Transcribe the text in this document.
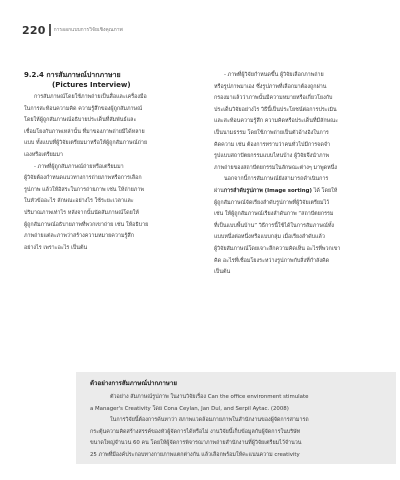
220 การออกแบบการวิจัยเชิงคุณภาพ
9.2.4 การสัมภาษณ์ปากภาษาย
(Pictures Interview)
การสัมภาษณ์โดยใช้ภาพถ่ายเป็นสื่อและเครื่องมือ
ในการสะท้อนความคิด ความรู้สึกของผู้ถูกสัมภาษณ์
โดยให้ผู้ถูกสัมภาษณ์อธิบายประเด็นที่สัมพันธ์และ
เชื่อมโยงกับภาพเหล่านั้น ที่มาของภาพถ่ายมีได้หลาย
แบบ ทั้งแบบที่ผู้วิจัยเตรียมมาหรือให้ผู้ถูกสัมภาษณ์ถ่าย
เองหรือเตรียมมา
- ภาพที่ผู้ถูกสัมภาษณ์ถ่ายหรือเตรียมมา
ผู้วิจัยต้องกำหนดแนวทางการถ่ายภาพหรือการเลือก
รูปภาพ แล้วให้อิสระในการถ่ายภาพ เช่น ให้ถ่ายภาพ
ในหัวข้ออะไร ลักษณะอย่างไร ใช้ระยะเวลาและ
ปริมาณภาพเท่าไร หลังจากนั้นนัดสัมภาษณ์โดยให้
ผู้ถูกสัมภาษณ์อธิบายภาพที่พวกเขาถ่าย เช่น ให้อธิบาย
ภาพถ่ายแต่ละภาพว่าสร้างความหมายความรู้สึก
อย่างไร เพราะอะไร เป็นต้น
- ภาพที่ผู้วิจัยกำหนดขึ้น ผู้วิจัยเลือกภาพถ่าย
หรือรูปภาพมาเอง ซึ่งรูปภาพที่เลือกมาต้องถูกผ่าน
กรองมาแล้วว่าภาพนั้นมีความหมายหรือเกี่ยวโยงกับ
ประเด็นวิจัยอย่างไร วิธีนี้เป็นประโยชน์ต่อการประเมิน
และสะท้อนความรู้สึก ความคิดหรือประเด็นที่มีลักษณะ
เป็นนามธรรม โดยใช้ภาพถ่ายเป็นตัวอ้างอิงในการ
คิดความ เช่น ต้องการทราบว่าคนทั่วไปมีการจดจำ
รูปแบบสถาปัตยกรรมแบบไหนบ้าง ผู้วิจัยจึงนำภาพ
ภาพถ่ายของสถาปัตยกรรมในลักษณะต่างๆ มาพูดหนึ่ง
นอกจากนี้การสัมภาษณ์ยังสามารถดำเนินการ
ผ่านการลำดับรูปภาพ (Image sorting) ได้ โดยให้
ผู้ถูกสัมภาษณ์จัดเรียงลำดับรูปภาพที่ผู้วิจัยเตรียมไว้
เช่น ให้ผู้ถูกสัมภาษณ์เรียงลำดับภาพ “สถาปัตยกรรม
ที่เป็นแบบพื้นบ้าน” วิธีการนี้ใช้ได้ในการสัมภาษณ์ทั้ง
แบบหนึ่งต่อหนึ่งหรือแบบกลุ่ม เมื่อเรียงลำดับแล้ว
ผู้วิจัยสัมภาษณ์โดยเจาะลึกความคิดเห็น อะไรที่พวกเขา
คิด อะไรที่เชื่อมโยงระหว่างรูปภาพกับสิ่งที่กำลังคิด
เป็นต้น
ตัวอย่างการสัมภาษณ์ปากภาษาย
ตัวอย่าง สัมภาษณ์รูปภาพ ในงานวิจัยเรื่อง Can the office environment stimulate
a Manager's Creativity โดย Cona Ceylan, Jan Dul, and Serpil Aytac. (2008)
ในการวิจัยนี้ต้องการค้นหาว่า สภาพแวดล้อมภายภาพในสำนักงานของผู้จัดการสามารถ
กระตุ้นความคิดสร้างสรรค์ของหัวผู้จัดการได้หรือไม่ งานวิจัยนี้เก็บข้อมูลกับผู้จัดการในบริษัท
ขนาดใหญ่จำนวน 60 คน โดยให้ผู้จัดการพิจารณาภาพถ่ายสำนักงานที่ผู้วิจัยเตรียมไว้จำนวน
25 ภาพที่มีองค์ประกอบทางกายภาพแตกต่างกัน แล้วเลือกพร้อมให้คะแนนความ creativity
